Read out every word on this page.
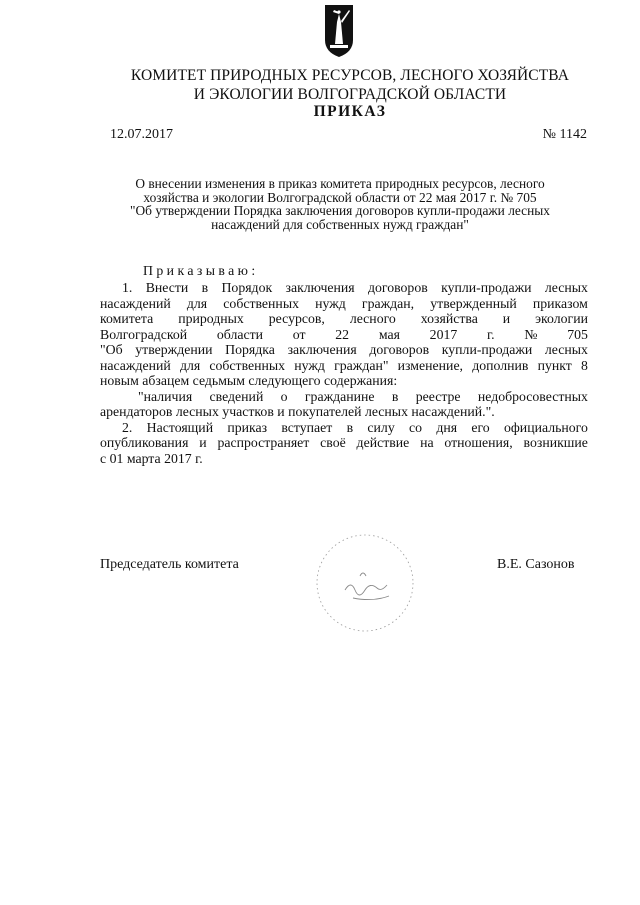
КОМИТЕТ ПРИРОДНЫХ РЕСУРСОВ, ЛЕСНОГО ХОЗЯЙСТВА
И ЭКОЛОГИИ ВОЛГОГРАДСКОЙ ОБЛАСТИ
ПРИКАЗ
12.07.2017	№ 1142
О внесении изменения в приказ комитета природных ресурсов, лесного
хозяйства и экологии Волгоградской области от 22 мая 2017 г. № 705
"Об утверждении Порядка заключения договоров купли-продажи лесных
насаждений для собственных нужд граждан"
Приказываю:
1. Внести в Порядок заключения договоров купли-продажи лесных
насаждений для собственных нужд граждан, утвержденный приказом
комитета природных ресурсов, лесного хозяйства и экологии
Волгоградской области от 22 мая 2017 г. № 705
"Об утверждении Порядка заключения договоров купли-продажи лесных
насаждений для собственных нужд граждан" изменение, дополнив пункт 8
новым абзацем седьмым следующего содержания:
"наличия сведений о гражданине в реестре недобросовестных
арендаторов лесных участков и покупателей лесных насаждений.".
2. Настоящий приказ вступает в силу со дня его официального
опубликования и распространяет своё действие на отношения, возникшие
с 01 марта 2017 г.
Председатель комитета	В.Е. Сазонов
